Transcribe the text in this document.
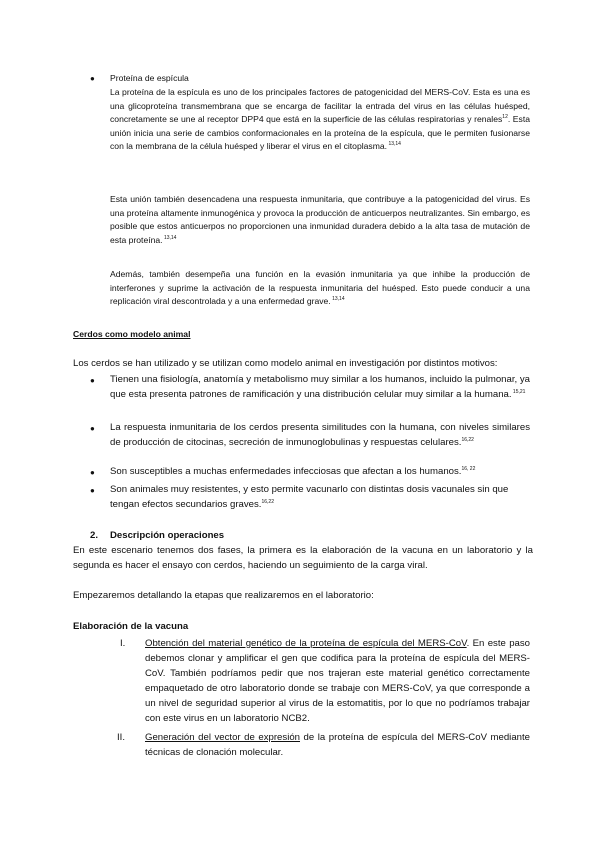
● Proteína de espícula
La proteína de la espícula es uno de los principales factores de patogenicidad del MERS-CoV. Esta es una es una glicoproteína transmembrana que se encarga de facilitar la entrada del virus en las células huésped, concretamente se une al receptor DPP4 que está en la superficie de las células respiratorias y renales$^{12}$. Esta unión inicia una serie de cambios conformacionales en la proteína de la espícula, que le permiten fusionarse con la membrana de la célula huésped y liberar el virus en el citoplasma. $^{13,14}$
Esta unión también desencadena una respuesta inmunitaria, que contribuye a la patogenicidad del virus. Es una proteína altamente inmunogénica y provoca la producción de anticuerpos neutralizantes. Sin embargo, es posible que estos anticuerpos no proporcionen una inmunidad duradera debido a la alta tasa de mutación de esta proteína. $^{13,14}$
Además, también desempeña una función en la evasión inmunitaria ya que inhibe la producción de interferones y suprime la activación de la respuesta inmunitaria del huésped. Esto puede conducir a una replicación viral descontrolada y a una enfermedad grave. $^{13,14}$
Cerdos como modelo animal
Los cerdos se han utilizado y se utilizan como modelo animal en investigación por distintos motivos:
● Tienen una fisiología, anatomía y metabolismo muy similar a los humanos, incluido la pulmonar, ya que esta presenta patrones de ramificación y una distribución celular muy similar a la humana. $^{15,21}$
● La respuesta inmunitaria de los cerdos presenta similitudes con la humana, con niveles similares de producción de citocinas, secreción de inmunoglobulinas y respuestas celulares.$^{16,22}$
● Son susceptibles a muchas enfermedades infecciosas que afectan a los humanos.$^{16, 22}$
● Son animales muy resistentes, y esto permite vacunarlo con distintas dosis vacunales sin que tengan efectos secundarios graves.$^{16,22}$
2.	Descripción operaciones
En este escenario tenemos dos fases, la primera es la elaboración de la vacuna en un laboratorio y la segunda es hacer el ensayo con cerdos, haciendo un seguimiento de la carga viral.
Empezaremos detallando la etapas que realizaremos en el laboratorio:
Elaboración de la vacuna
I.	Obtención del material genético de la proteína de espícula del MERS-CoV. En este paso debemos clonar y amplificar el gen que codifica para la proteína de espícula del MERS-CoV. También podríamos pedir que nos trajeran este material genético correctamente empaquetado de otro laboratorio donde se trabaje con MERS-CoV, ya que corresponde a un nivel de seguridad superior al virus de la estomatitis, por lo que no podríamos trabajar con este virus en un laboratorio NCB2.
II.	Generación del vector de expresión de la proteína de espícula del MERS-CoV mediante técnicas de clonación molecular.
